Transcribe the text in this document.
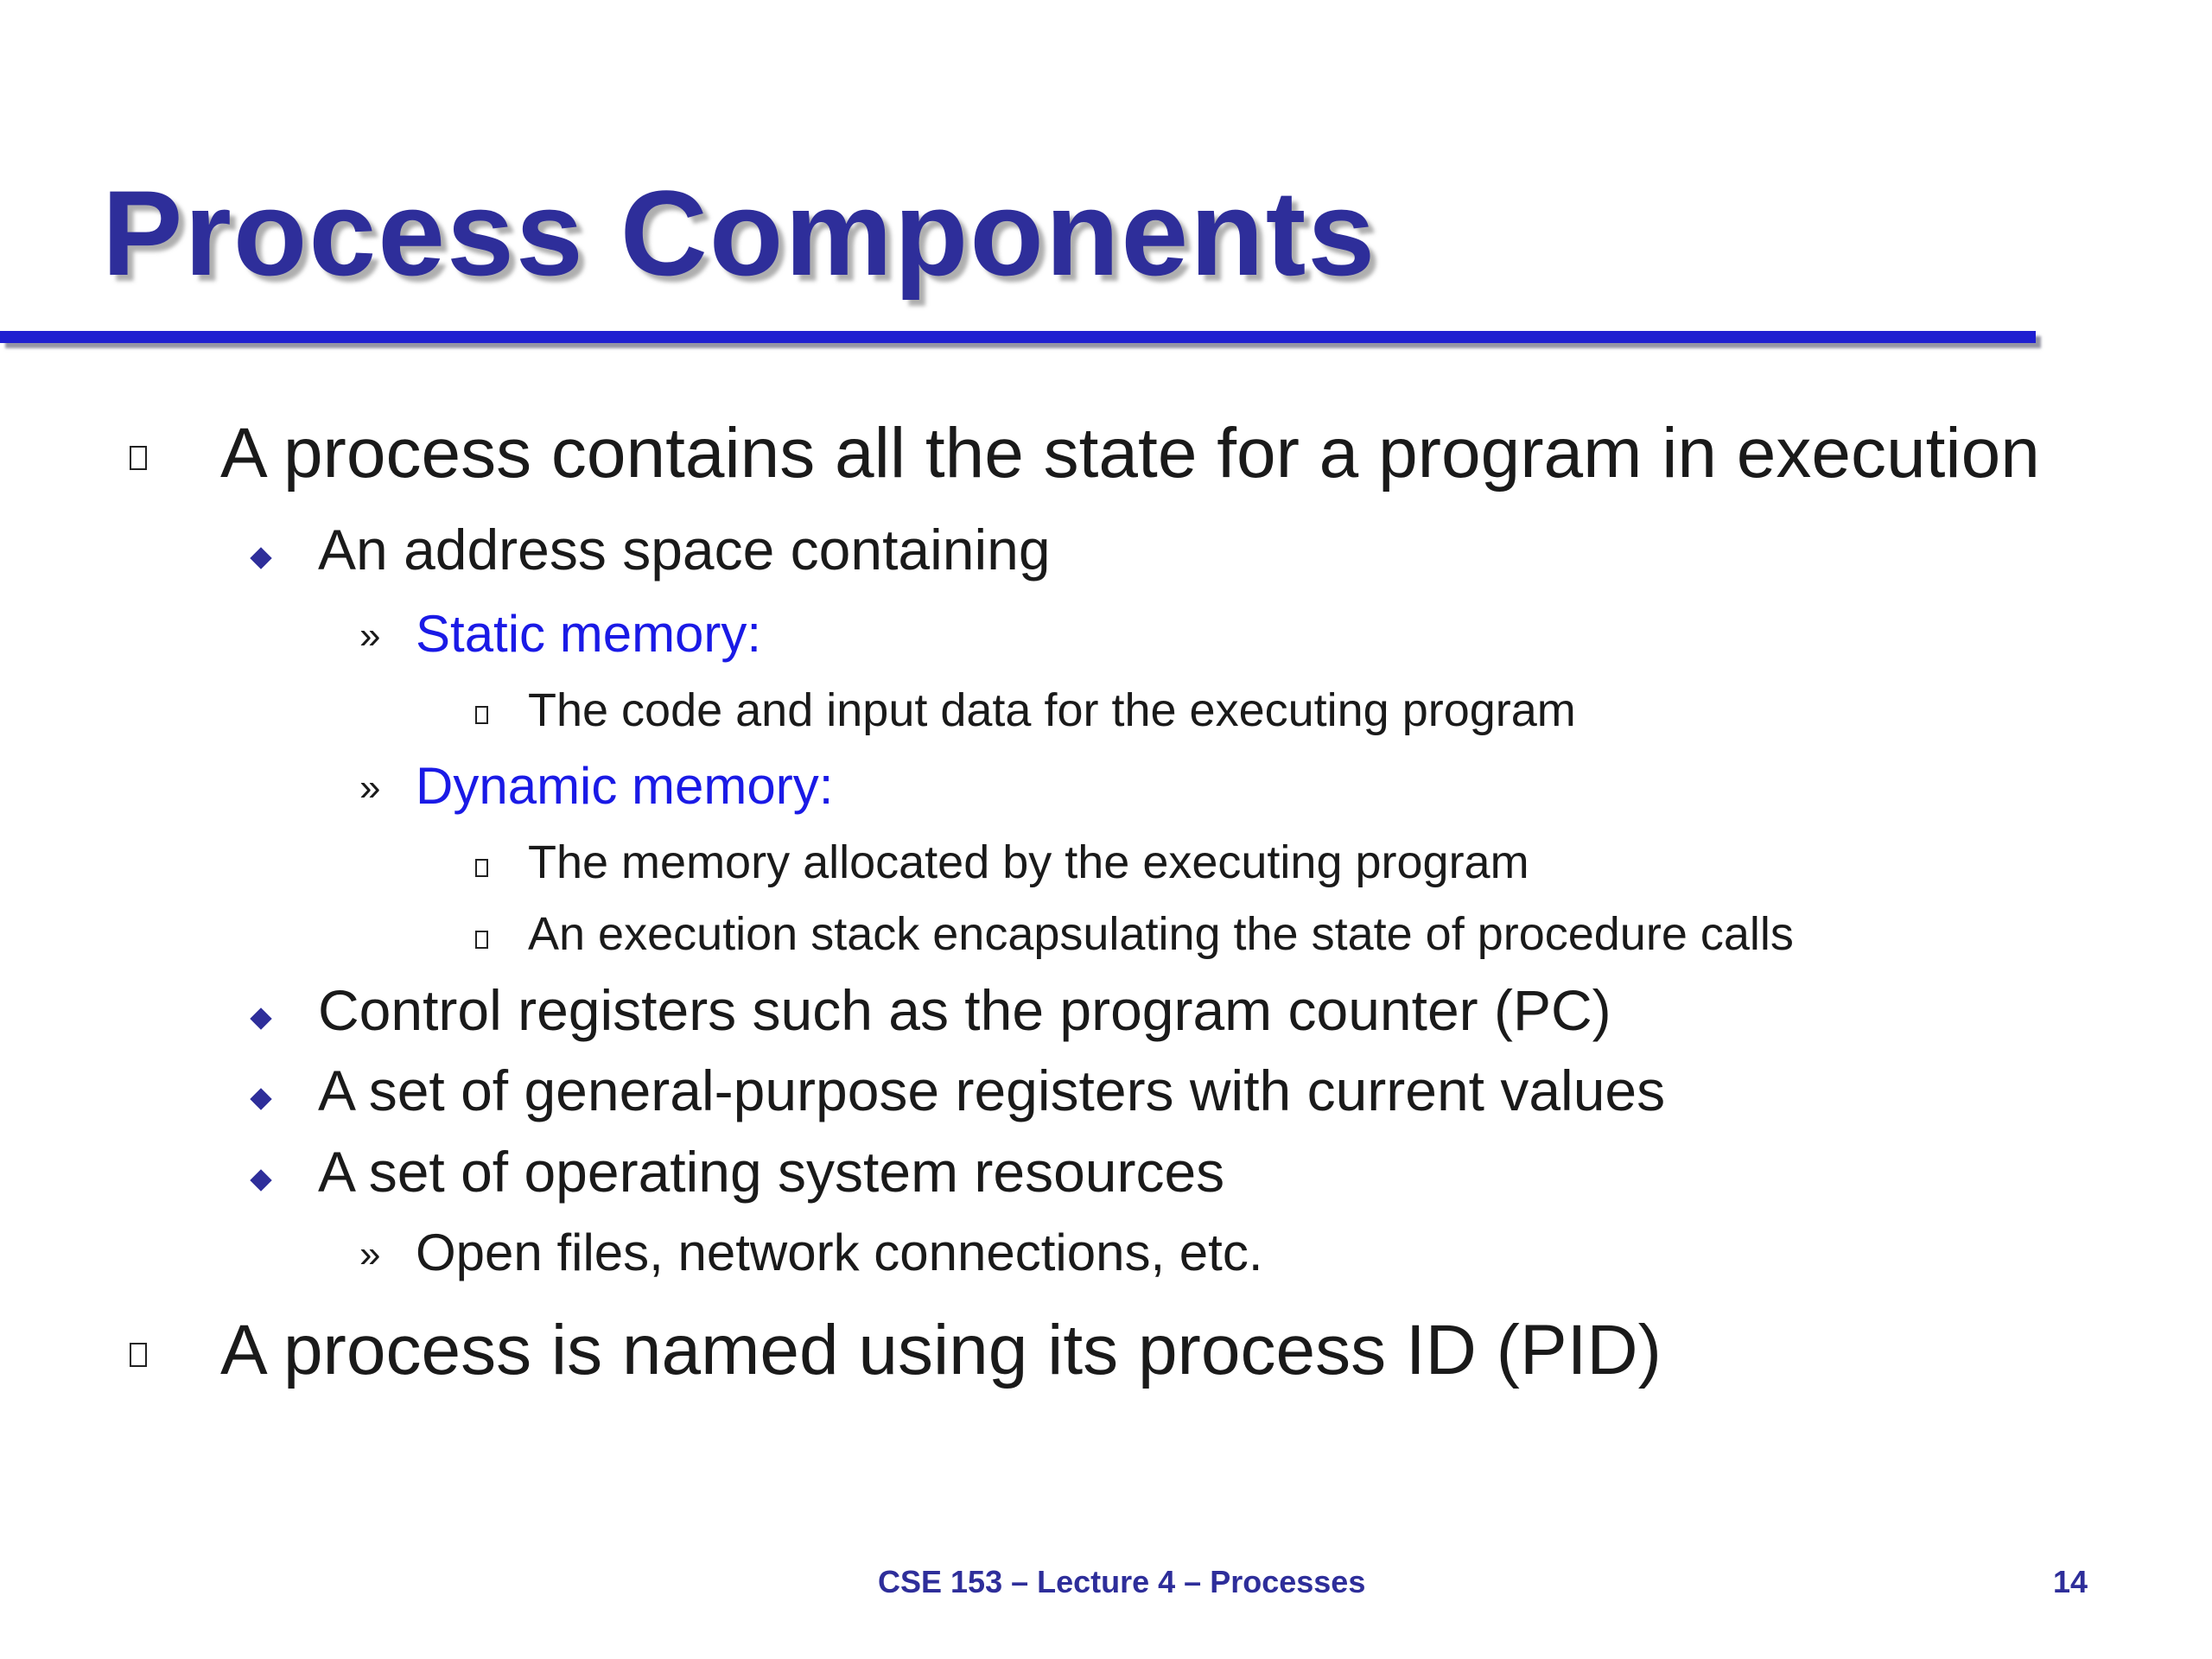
Process Components
A process contains all the state for a program in execution
An address space containing
» Static memory:
The code and input data for the executing program
» Dynamic memory:
The memory allocated by the executing program
An execution stack encapsulating the state of procedure calls
Control registers such as the program counter (PC)
A set of general-purpose registers with current values
A set of operating system resources
» Open files, network connections, etc.
A process is named using its process ID (PID)
CSE 153 – Lecture 4 – Processes	14
